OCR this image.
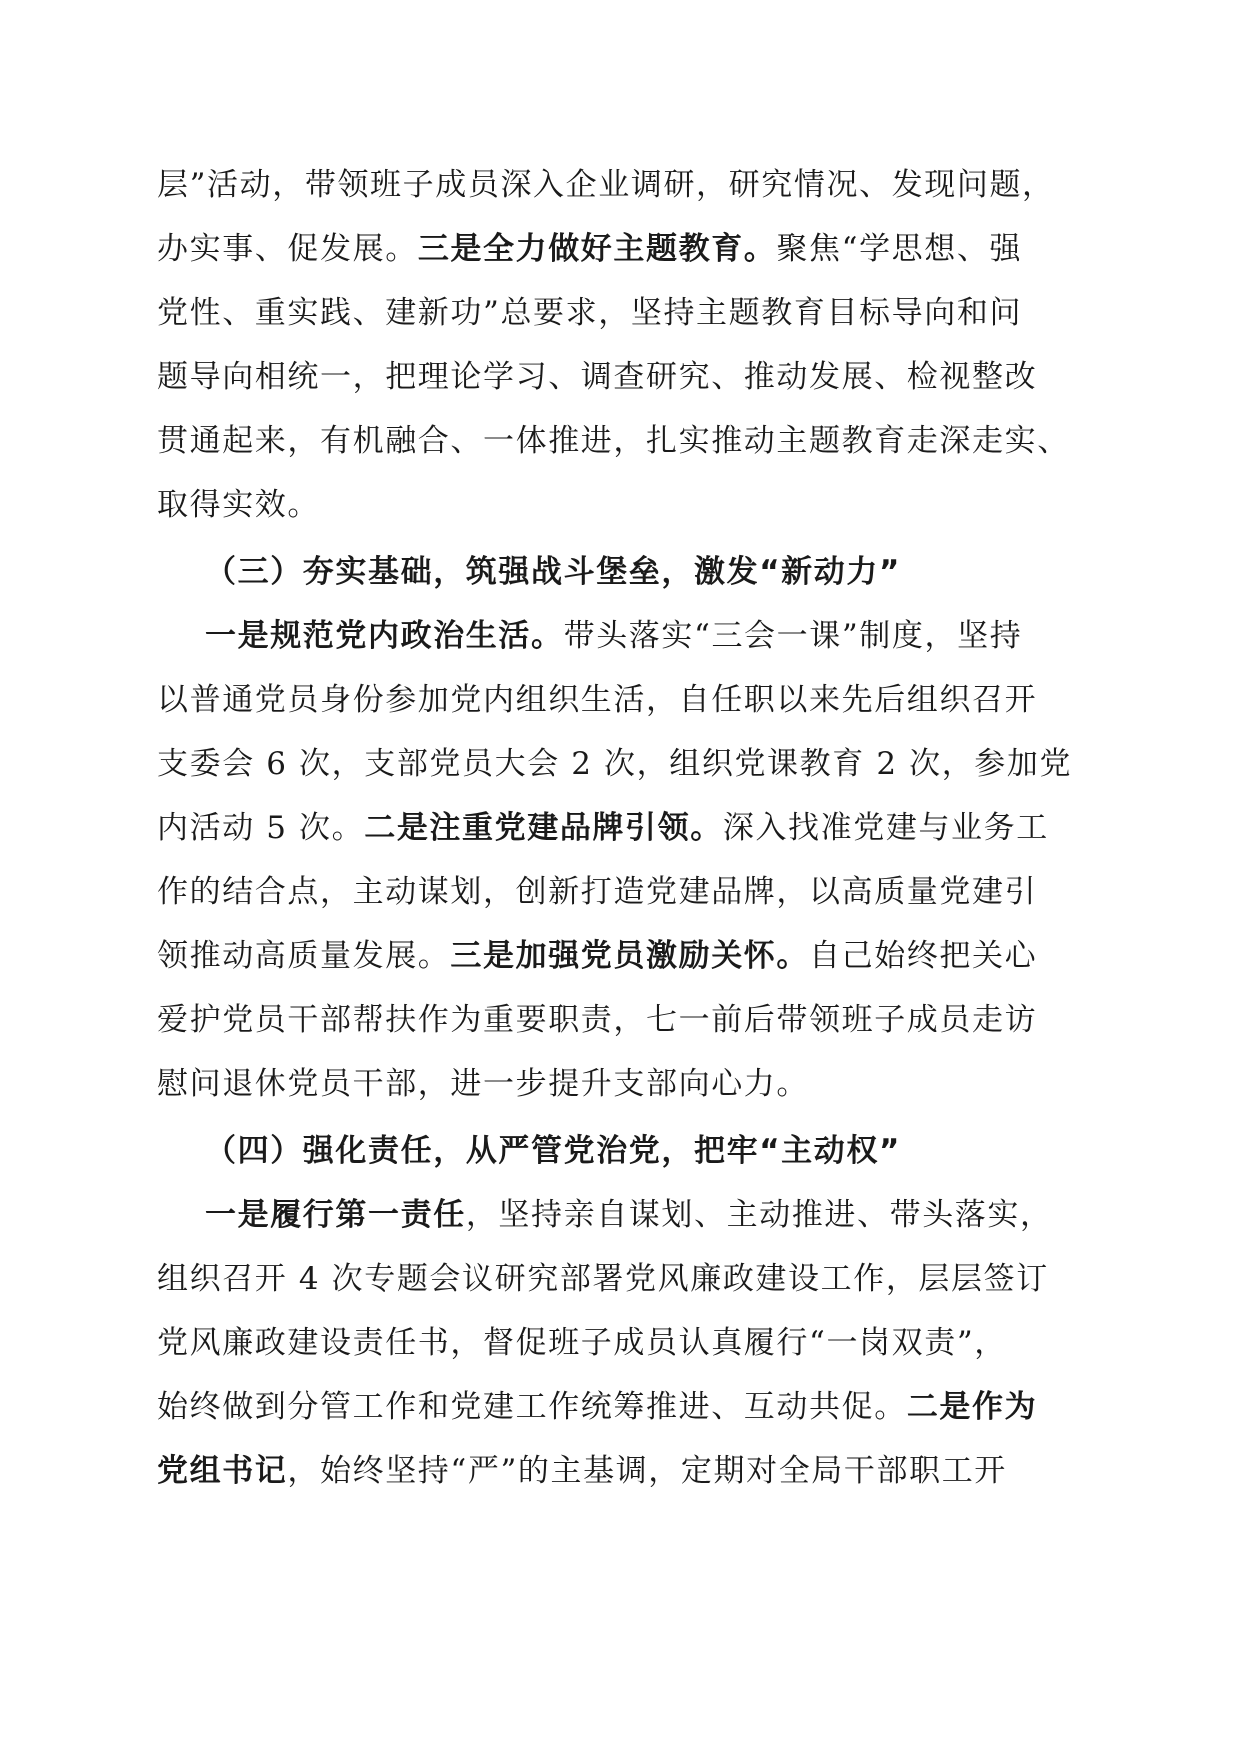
层”活动，带领班子成员深入企业调研，研究情况、发现问题，
办实事、促发展。三是全力做好主题教育。聚焦“学思想、强
党性、重实践、建新功”总要求，坚持主题教育目标导向和问
题导向相统一，把理论学习、调查研究、推动发展、检视整改
贯通起来，有机融合、一体推进，扎实推动主题教育走深走实、
取得实效。
（三）夯实基础，筑强战斗堡垒，激发“新动力”
一是规范党内政治生活。带头落实“三会一课”制度，坚持
以普通党员身份参加党内组织生活，自任职以来先后组织召开
支委会 6 次，支部党员大会 2 次，组织党课教育 2 次，参加党
内活动 5 次。二是注重党建品牌引领。深入找准党建与业务工
作的结合点，主动谋划，创新打造党建品牌，以高质量党建引
领推动高质量发展。三是加强党员激励关怀。自己始终把关心
爱护党员干部帮扶作为重要职责，七一前后带领班子成员走访
慰问退休党员干部，进一步提升支部向心力。
（四）强化责任，从严管党治党，把牢“主动权”
一是履行第一责任，坚持亲自谋划、主动推进、带头落实，
组织召开 4 次专题会议研究部署党风廉政建设工作，层层签订
党风廉政建设责任书，督促班子成员认真履行“一岗双责”，
始终做到分管工作和党建工作统筹推进、互动共促。二是作为
党组书记，始终坚持“严”的主基调，定期对全局干部职工开
